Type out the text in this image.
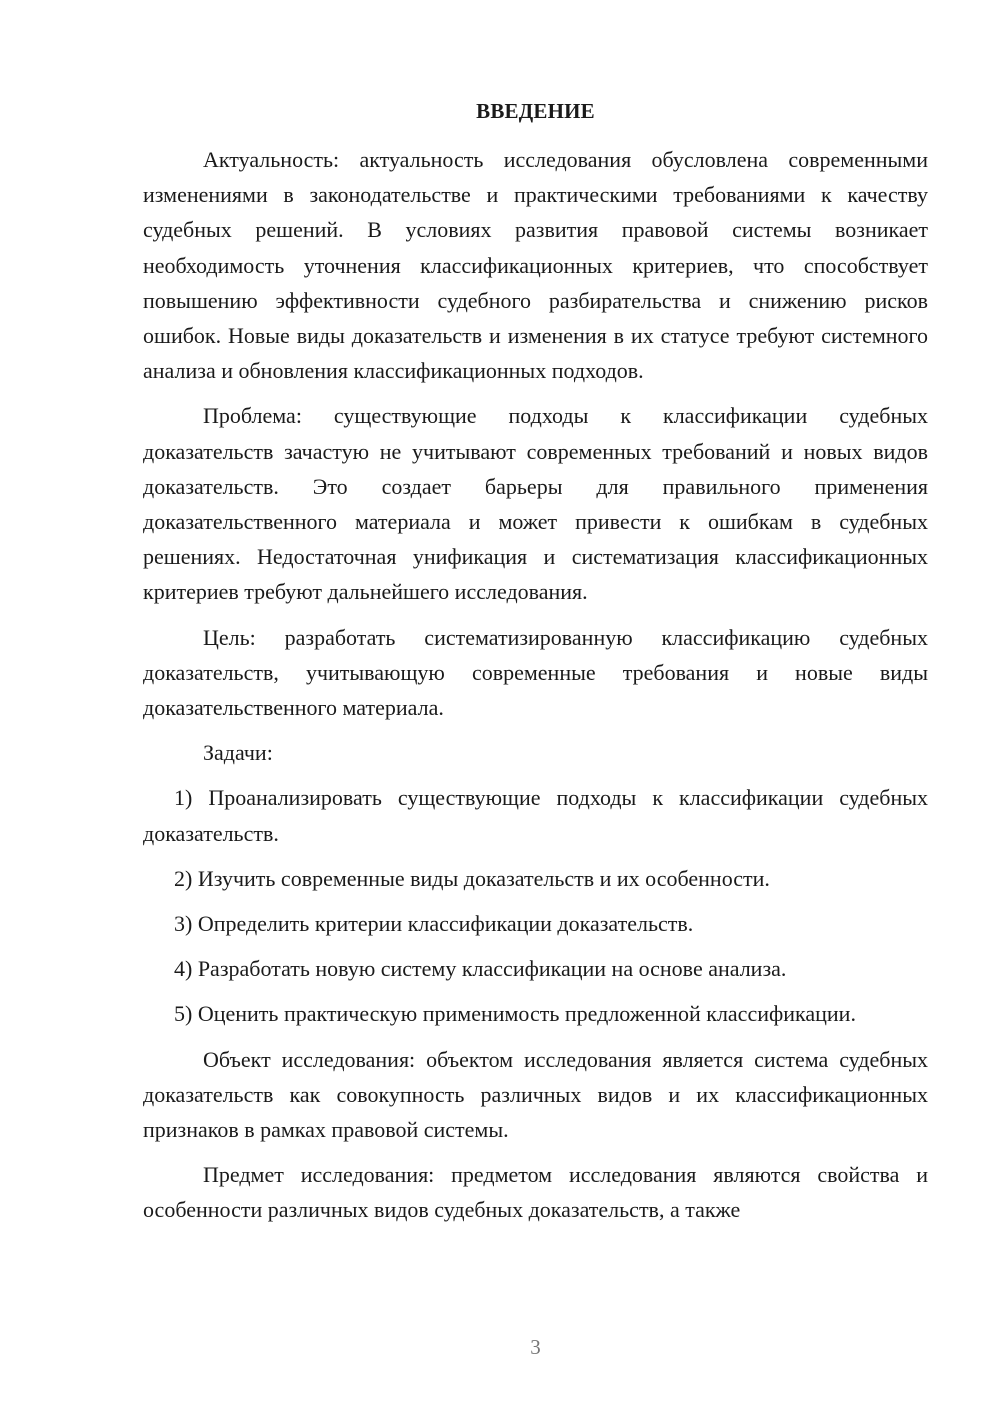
ВВЕДЕНИЕ

Актуальность: актуальность исследования обусловлена современными изменениями в законодательстве и практическими требованиями к качеству судебных решений. В условиях развития правовой системы возникает необходимость уточнения классификационных критериев, что способствует повышению эффективности судебного разбирательства и снижению рисков ошибок. Новые виды доказательств и изменения в их статусе требуют системного анализа и обновления классификационных подходов.

Проблема: существующие подходы к классификации судебных доказательств зачастую не учитывают современных требований и новых видов доказательств. Это создает барьеры для правильного применения доказательственного материала и может привести к ошибкам в судебных решениях. Недостаточная унификация и систематизация классификационных критериев требуют дальнейшего исследования.

Цель: разработать систематизированную классификацию судебных доказательств, учитывающую современные требования и новые виды доказательственного материала.

Задачи:

1) Проанализировать существующие подходы к классификации судебных доказательств.

2) Изучить современные виды доказательств и их особенности.

3) Определить критерии классификации доказательств.

4) Разработать новую систему классификации на основе анализа.

5) Оценить практическую применимость предложенной классификации.

Объект исследования: объектом исследования является система судебных доказательств как совокупность различных видов и их классификационных признаков в рамках правовой системы.

Предмет исследования: предметом исследования являются свойства и особенности различных видов судебных доказательств, а также

3
